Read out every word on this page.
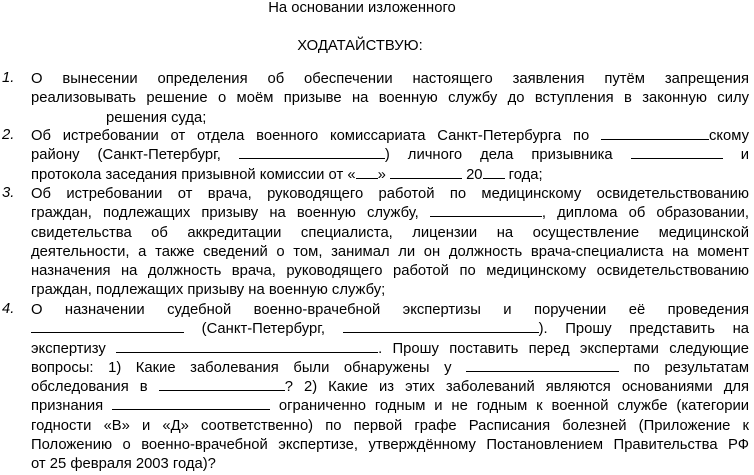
На основании изложенного
ХОДАТАЙСТВУЮ:
1. О вынесении определения об обеспечении настоящего заявления путём запрещения
реализовывать решение о моём призыве на военную службу до вступления в законную силу
решения суда;
2. Об истребовании от отдела военного комиссариата Санкт-Петербурга по	скому
району (Санкт-Петербург,	) личного дела призывника	и
протокола заседания призывной комиссии от « »	20 года;
3. Об истребовании от врача, руководящего работой по медицинскому освидетельствованию
граждан, подлежащих призыву на военную службу,	, диплома об образовании,
свидетельства об аккредитации специалиста, лицензии на осуществление медицинской
деятельности, а также сведений о том, занимал ли он должность врача-специалиста на момент
назначения на должность врача, руководящего работой по медицинскому освидетельствованию
граждан, подлежащих призыву на военную службу;
4. О назначении судебной военно-врачебной экспертизы и поручении её проведения
(Санкт-Петербург,	). Прошу представить на
экспертизу	. Прошу поставить перед экспертами следующие
вопросы: 1) Какие заболевания были обнаружены у	по результатам
обследования в	? 2) Какие из этих заболеваний являются основаниями для
признания	ограниченно годным и не годным к военной службе (категории
годности «В» и «Д» соответственно) по первой графе Расписания болезней (Приложение к
Положению о военно-врачебной экспертизе, утверждённому Постановлением Правительства РФ
от 25 февраля 2003 года)?
